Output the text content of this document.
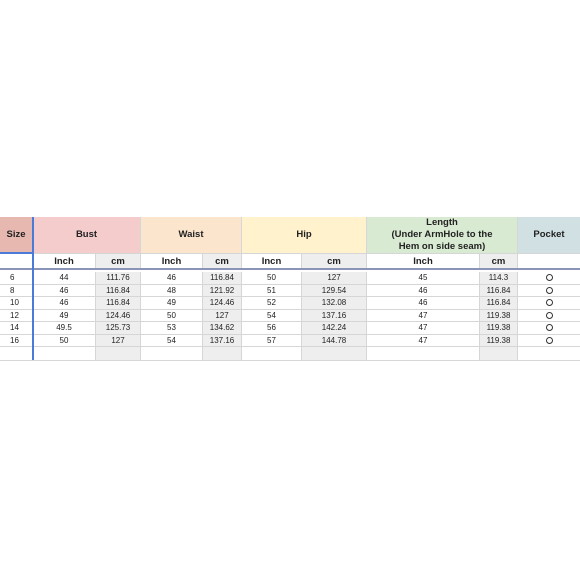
Size	Bust	Waist	Hip
Length
(Under ArmHole to the
Hem on side seam)
Pocket
Inch	cm	Inch	cm	Incn	cm	Inch	cm
6	44	111.76	46	116.84	50	127	45	114.3
8	46	116.84	48	121.92	51	129.54	46	116.84
10	46	116.84	49	124.46	52	132.08	46	116.84
12	49	124.46	50	127	54	137.16	47	119.38
14	49.5	125.73	53	134.62	56	142.24	47	119.38
16	50	127	54	137.16	57	144.78	47	119.38
